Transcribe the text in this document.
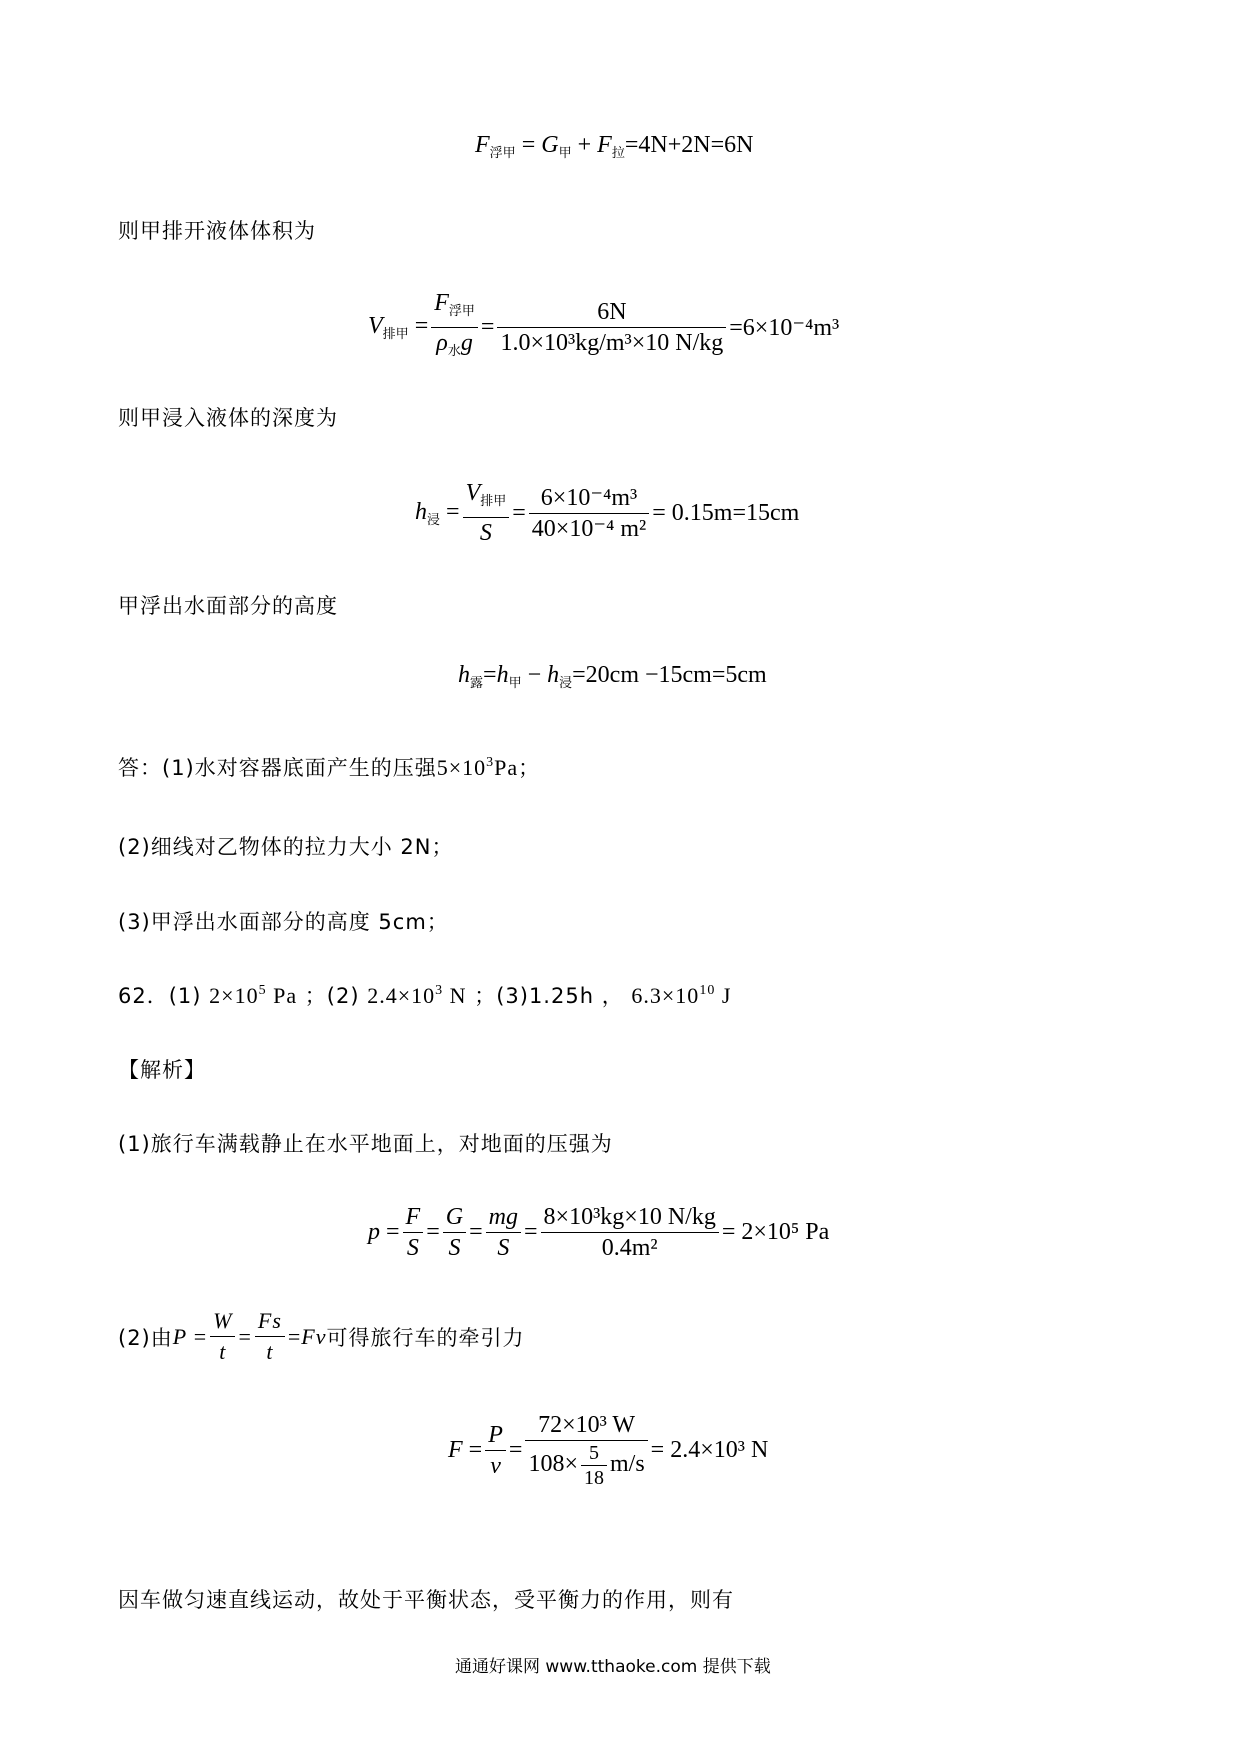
$F_{浮甲} = G_甲 + F_拉=4N+2N=6N$
则甲排开液体体积为
$V_{排甲} = \frac{F_{浮甲}}{\rho_水g} = \frac{6N}{\text{1.0×10³kg/m³×10 N/kg}} =6\times 10^{-4}m^3$
则甲浸入液体的深度为
$h_浸 = \frac{V_{排甲}}{S} = \frac{\text{6×10⁻⁴m³}}{\text{40×10⁻⁴ m²}} = 0.15m=15cm$
甲浮出水面部分的高度
$h_露=h_甲 - h_浸=20cm -15cm=5cm$
答：(1)水对容器底面产生的压强$5\times 10^3Pa$；
(2)细线对乙物体的拉力大小 2N；
(3)甲浮出水面部分的高度 5cm；
62．(1) $2\times 10^5$ Pa ；(2) $2.4\times 10^3$ N ；(3)1.25h ， $6.3\times 10^{10}$ J
【解析】
(1)旅行车满载静止在水平地面上，对地面的压强为
$p = \frac{F}{S} = \frac{G}{S} = \frac{mg}{S} = \frac{\text{8×10³kg×10 N/kg}}{\text{0.4m²}} = 2\times 10^5$ Pa
(2)由 $P = \frac{W}{t} = \frac{Fs}{t} = Fv$ 可得旅行车的牵引力
$F = \frac{P}{v} = \frac{\text{72×10³ W}}{108\times \frac{5}{18} m/s} = 2.4\times 10^3$ N
因车做匀速直线运动，故处于平衡状态，受平衡力的作用，则有
通通好课网 www.tthaoke.com 提供下载
